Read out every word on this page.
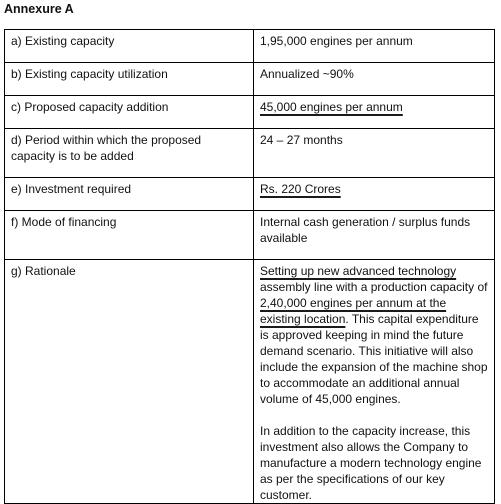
Annexure A
a) Existing capacity	1,95,000 engines per annum
b) Existing capacity utilization	Annualized ~90%
c) Proposed capacity addition	45,000 engines per annum
d) Period within which the proposed capacity is to be added	24 – 27 months
e) Investment required	Rs. 220 Crores
f) Mode of financing	Internal cash generation / surplus funds available
g) Rationale	Setting up new advanced technology assembly line with a production capacity of 2,40,000 engines per annum at the existing location. This capital expenditure is approved keeping in mind the future demand scenario. This initiative will also include the expansion of the machine shop to accommodate an additional annual volume of 45,000 engines.

In addition to the capacity increase, this investment also allows the Company to manufacture a modern technology engine as per the specifications of our key customer.
